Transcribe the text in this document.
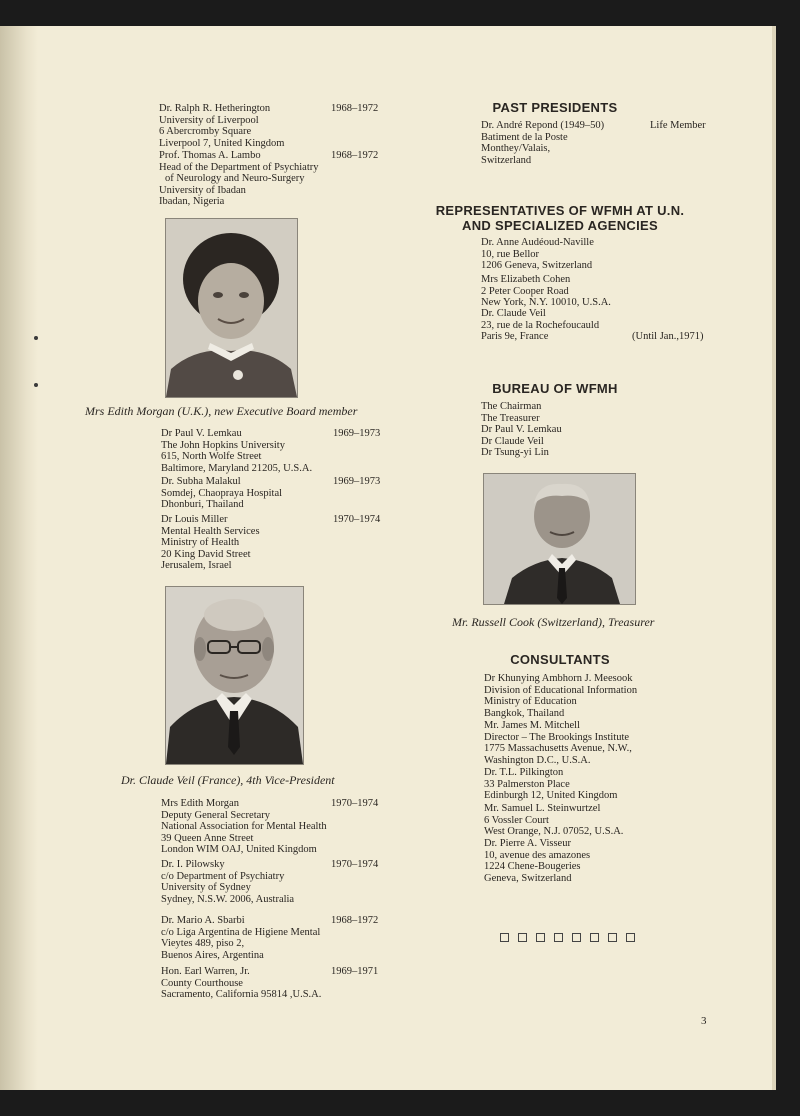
Dr. Ralph R. Hetherington
University of Liverpool
6 Abercromby Square
Liverpool 7, United Kingdom
1968–1972
Prof. Thomas A. Lambo
Head of the Department of Psychiatry
of Neurology and Neuro-Surgery
University of Ibadan
Ibadan, Nigeria
1968–1972
Mrs Edith Morgan (U.K.), new Executive Board member
Dr Paul V. Lemkau
The John Hopkins University
615, North Wolfe Street
Baltimore, Maryland 21205, U.S.A.
1969–1973
Dr. Subha Malakul
Somdej, Chaopraya Hospital
Dhonburi, Thailand
1969–1973
Dr Louis Miller
Mental Health Services
Ministry of Health
20 King David Street
Jerusalem, Israel
1970–1974
Dr. Claude Veil (France), 4th Vice-President
Mrs Edith Morgan
Deputy General Secretary
National Association for Mental Health
39 Queen Anne Street
London WIM OAJ, United Kingdom
1970–1974
Dr. I. Pilowsky
c/o Department of Psychiatry
University of Sydney
Sydney, N.S.W. 2006, Australia
1970–1974
Dr. Mario A. Sbarbi
c/o Liga Argentina de Higiene Mental
Vieytes 489, piso 2,
Buenos Aires, Argentina
1968–1972
Hon. Earl Warren, Jr.
County Courthouse
Sacramento, California 95814 ,U.S.A.
1969–1971
PAST PRESIDENTS
Dr. André Repond (1949–50)
Batiment de la Poste
Monthey/Valais,
Switzerland
Life Member
REPRESENTATIVES OF WFMH AT U.N.
AND SPECIALIZED AGENCIES
Dr. Anne Audéoud-Naville
10, rue Bellor
1206 Geneva, Switzerland
Mrs Elizabeth Cohen
2 Peter Cooper Road
New York, N.Y. 10010, U.S.A.
Dr. Claude Veil
23, rue de la Rochefoucauld
Paris 9e, France	(Until Jan.,1971)
BUREAU OF WFMH
The Chairman
The Treasurer
Dr Paul V. Lemkau
Dr Claude Veil
Dr Tsung-yi Lin
Mr. Russell Cook (Switzerland), Treasurer
CONSULTANTS
Dr Khunying Ambhorn J. Meesook
Division of Educational Information
Ministry of Education
Bangkok, Thailand
Mr. James M. Mitchell
Director – The Brookings Institute
1775 Massachusetts Avenue, N.W.,
Washington D.C., U.S.A.
Dr. T.L. Pilkington
33 Palmerston Place
Edinburgh 12, United Kingdom
Mr. Samuel L. Steinwurtzel
6 Vossler Court
West Orange, N.J. 07052, U.S.A.
Dr. Pierre A. Visseur
10, avenue des amazones
1224 Chene-Bougeries
Geneva, Switzerland
3
